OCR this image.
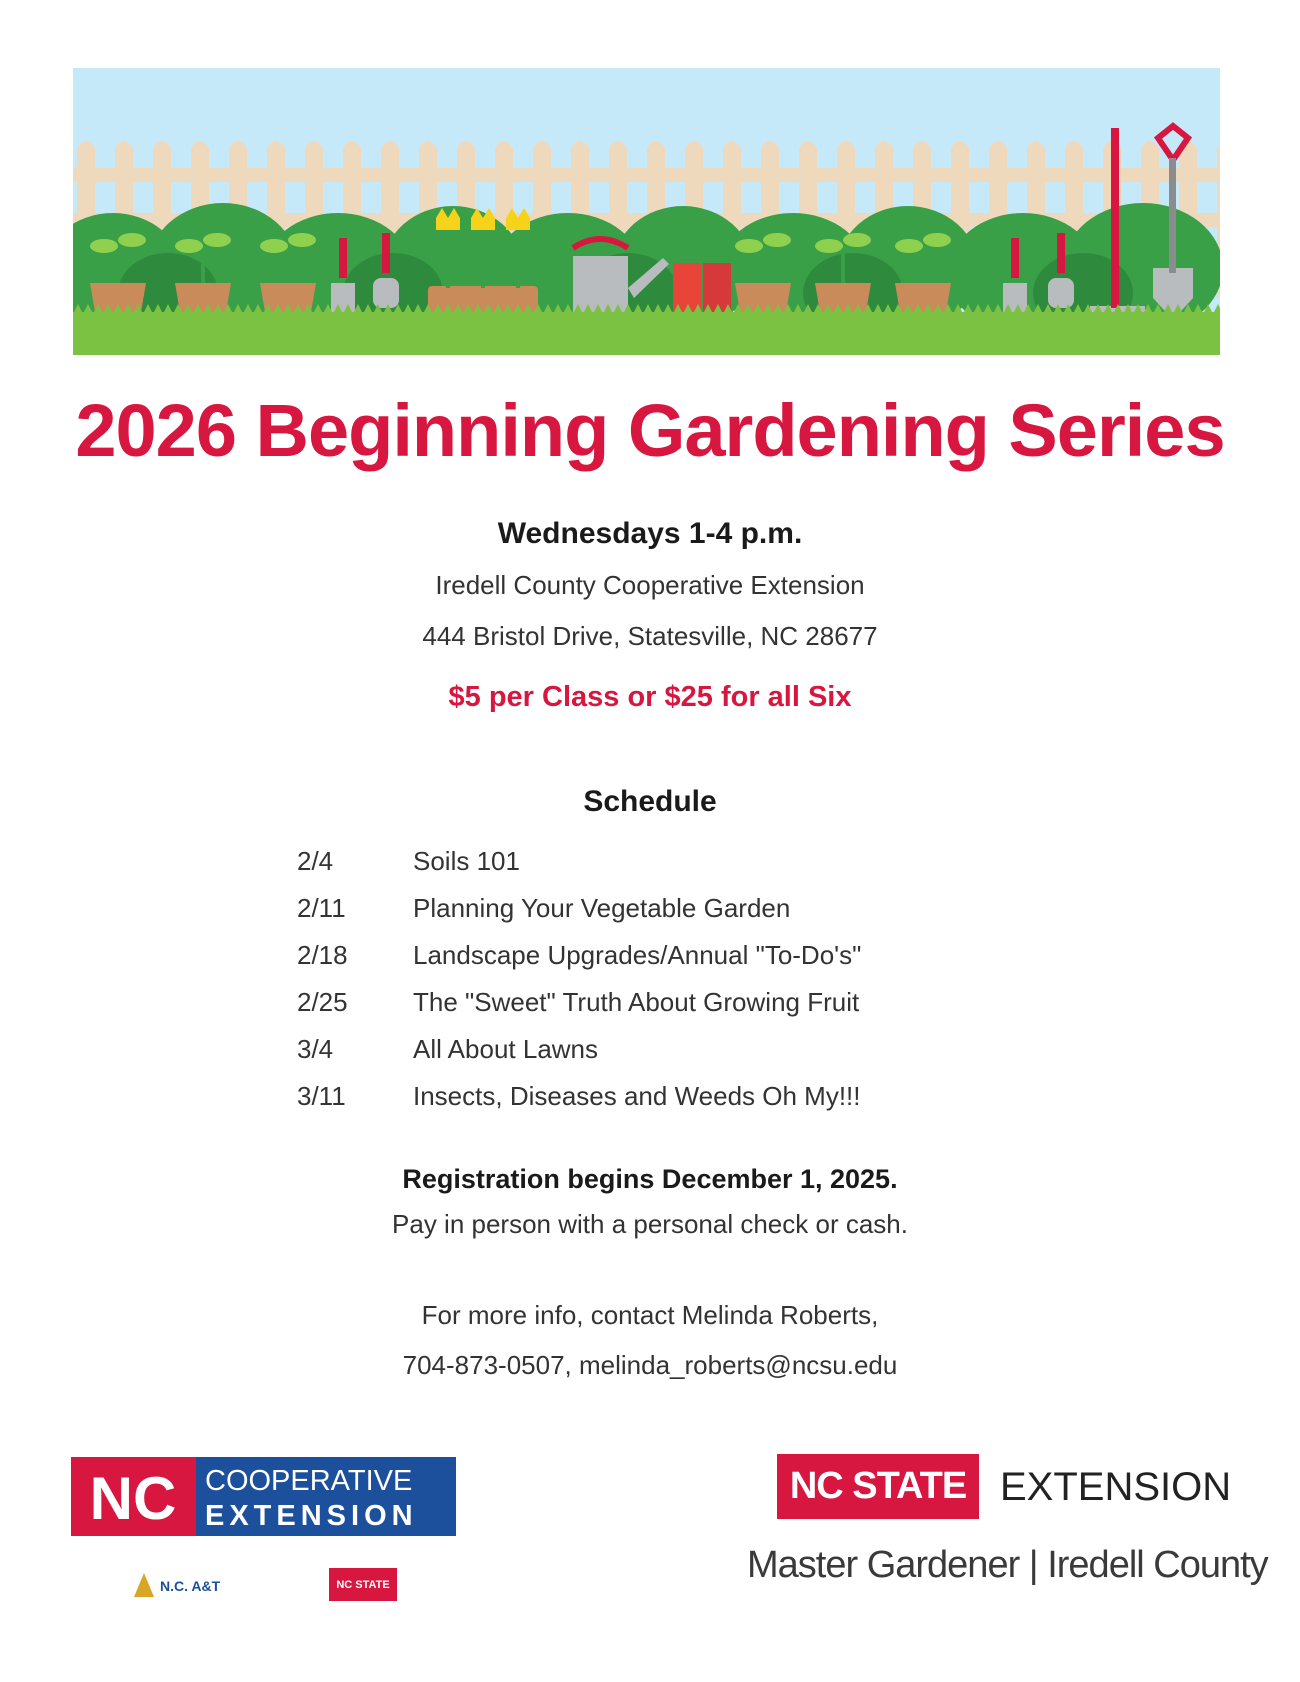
2026 Beginning Gardening Series

Wednesdays 1-4 p.m.

Iredell County Cooperative Extension

444 Bristol Drive, Statesville, NC 28677

$5 per Class or $25 for all Six

Schedule

2/4	Soils 101
2/11	Planning Your Vegetable Garden
2/18	Landscape Upgrades/Annual "To-Do's"
2/25	The "Sweet" Truth About Growing Fruit
3/4	All About Lawns
3/11	Insects, Diseases and Weeds Oh My!!!

Registration begins December 1, 2025.

Pay in person with a personal check or cash.

For more info, contact Melinda Roberts,

704-873-0507, melinda_roberts@ncsu.edu

NC COOPERATIVE
EXTENSION
N.C. A&T	NC STATE
NC STATE EXTENSION
Master Gardener | Iredell County
